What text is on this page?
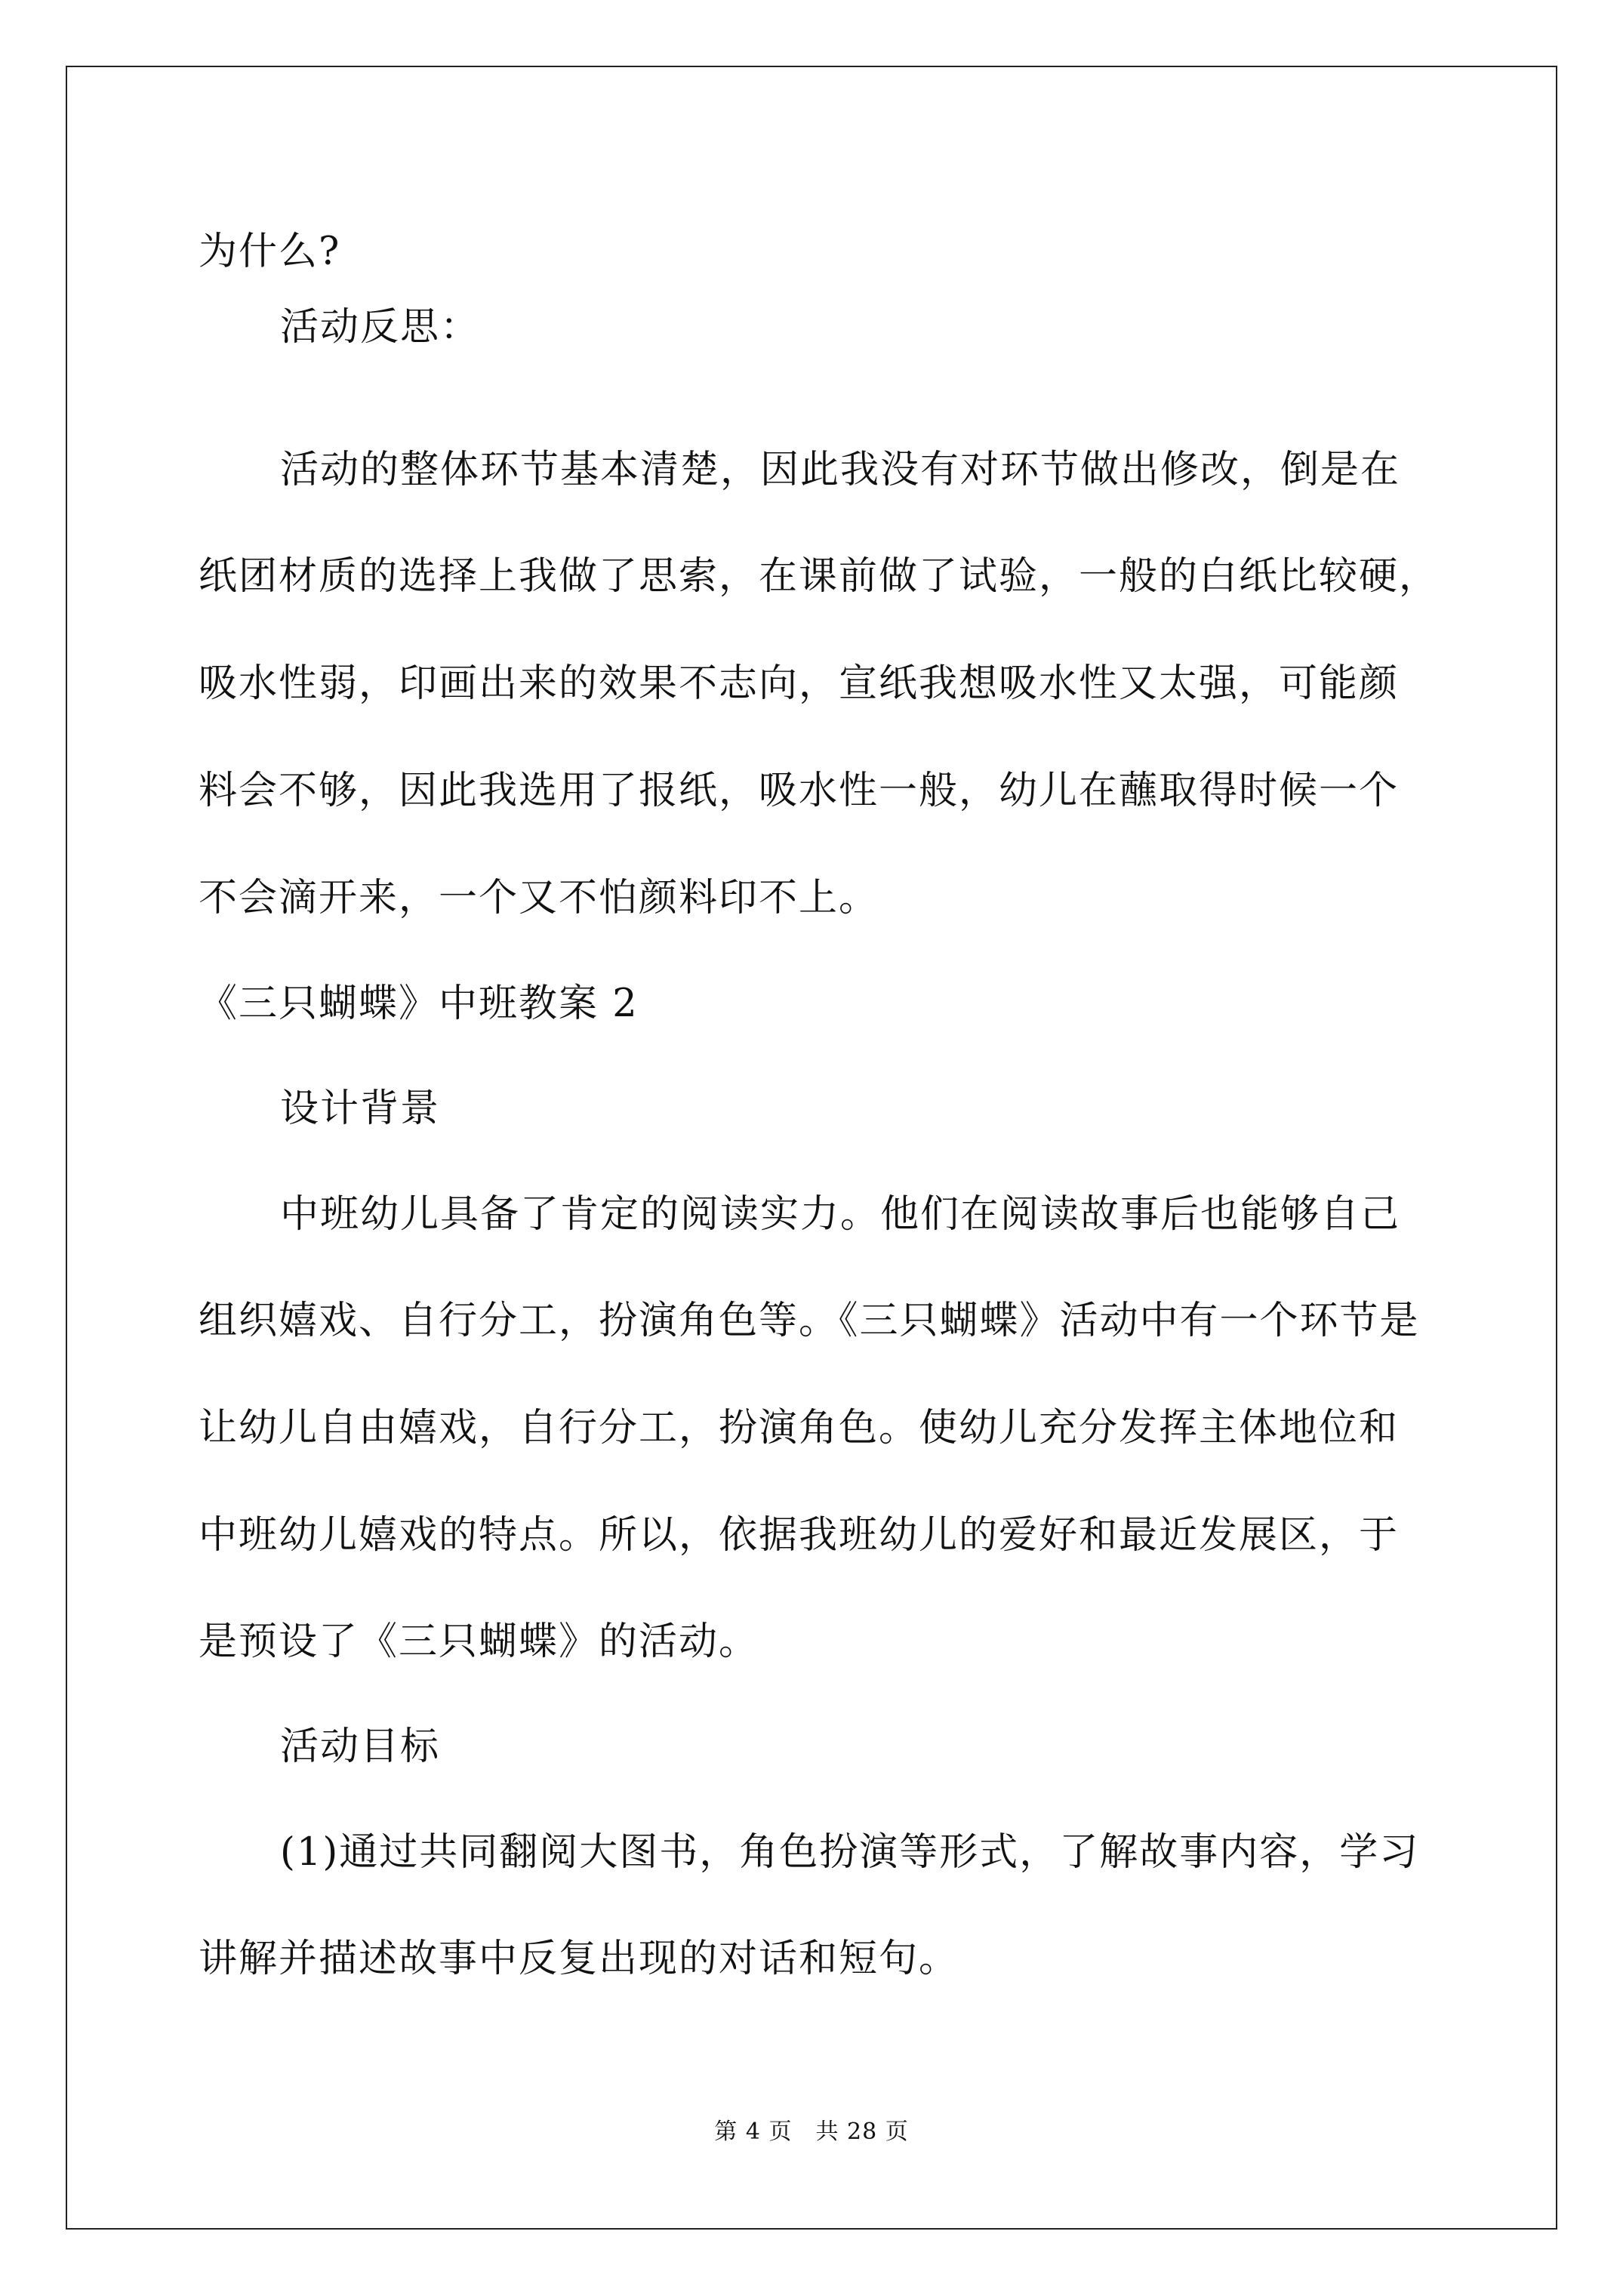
为什么?
活动反思：
活动的整体环节基本清楚，因此我没有对环节做出修改，倒是在
纸团材质的选择上我做了思索，在课前做了试验，一般的白纸比较硬，
吸水性弱，印画出来的效果不志向，宣纸我想吸水性又太强，可能颜
料会不够，因此我选用了报纸，吸水性一般，幼儿在蘸取得时候一个
不会滴开来，一个又不怕颜料印不上。
《三只蝴蝶》中班教案 2
设计背景
中班幼儿具备了肯定的阅读实力。他们在阅读故事后也能够自己
组织嬉戏、自行分工，扮演角色等。《三只蝴蝶》活动中有一个环节是
让幼儿自由嬉戏，自行分工，扮演角色。使幼儿充分发挥主体地位和
中班幼儿嬉戏的特点。所以，依据我班幼儿的爱好和最近发展区，于
是预设了《三只蝴蝶》的活动。
活动目标
(1)通过共同翻阅大图书，角色扮演等形式，了解故事内容，学习
讲解并描述故事中反复出现的对话和短句。
第 4 页　共 28 页
